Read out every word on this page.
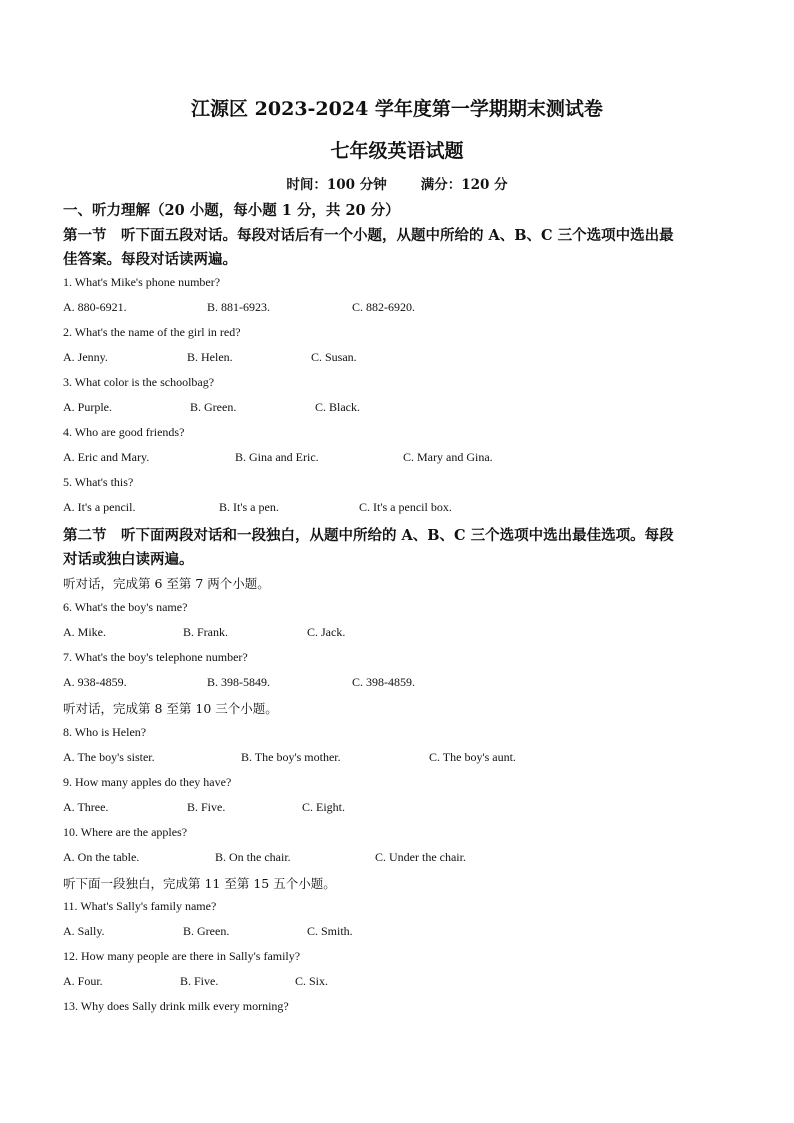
江源区 2023-2024 学年度第一学期期末测试卷
七年级英语试题
时间：100 分钟	满分：120 分
一、听力理解（20 小题，每小题 1 分，共 20 分）
第一节　听下面五段对话。每段对话后有一个小题，从题中所给的 A、B、C 三个选项中选出最
佳答案。每段对话读两遍。
1. What's Mike's phone number?
A. 880-6921.	B. 881-6923.	C. 882-6920.
2. What's the name of the girl in red?
A. Jenny.	B. Helen.	C. Susan.
3. What color is the schoolbag?
A. Purple.	B. Green.	C. Black.
4. Who are good friends?
A. Eric and Mary.	B. Gina and Eric.	C. Mary and Gina.
5. What's this?
A. It's a pencil.	B. It's a pen.	C. It's a pencil box.
第二节　听下面两段对话和一段独白，从题中所给的 A、B、C 三个选项中选出最佳选项。每段
对话或独白读两遍。
听对话，完成第 6 至第 7 两个小题。
6. What's the boy's name?
A. Mike.	B. Frank.	C. Jack.
7. What's the boy's telephone number?
A. 938-4859.	B. 398-5849.	C. 398-4859.
听对话，完成第 8 至第 10 三个小题。
8. Who is Helen?
A. The boy's sister.	B. The boy's mother.	C. The boy's aunt.
9. How many apples do they have?
A. Three.	B. Five.	C. Eight.
10. Where are the apples?
A. On the table.	B. On the chair.	C. Under the chair.
听下面一段独白，完成第 11 至第 15 五个小题。
11. What's Sally's family name?
A. Sally.	B. Green.	C. Smith.
12. How many people are there in Sally's family?
A. Four.	B. Five.	C. Six.
13. Why does Sally drink milk every morning?
